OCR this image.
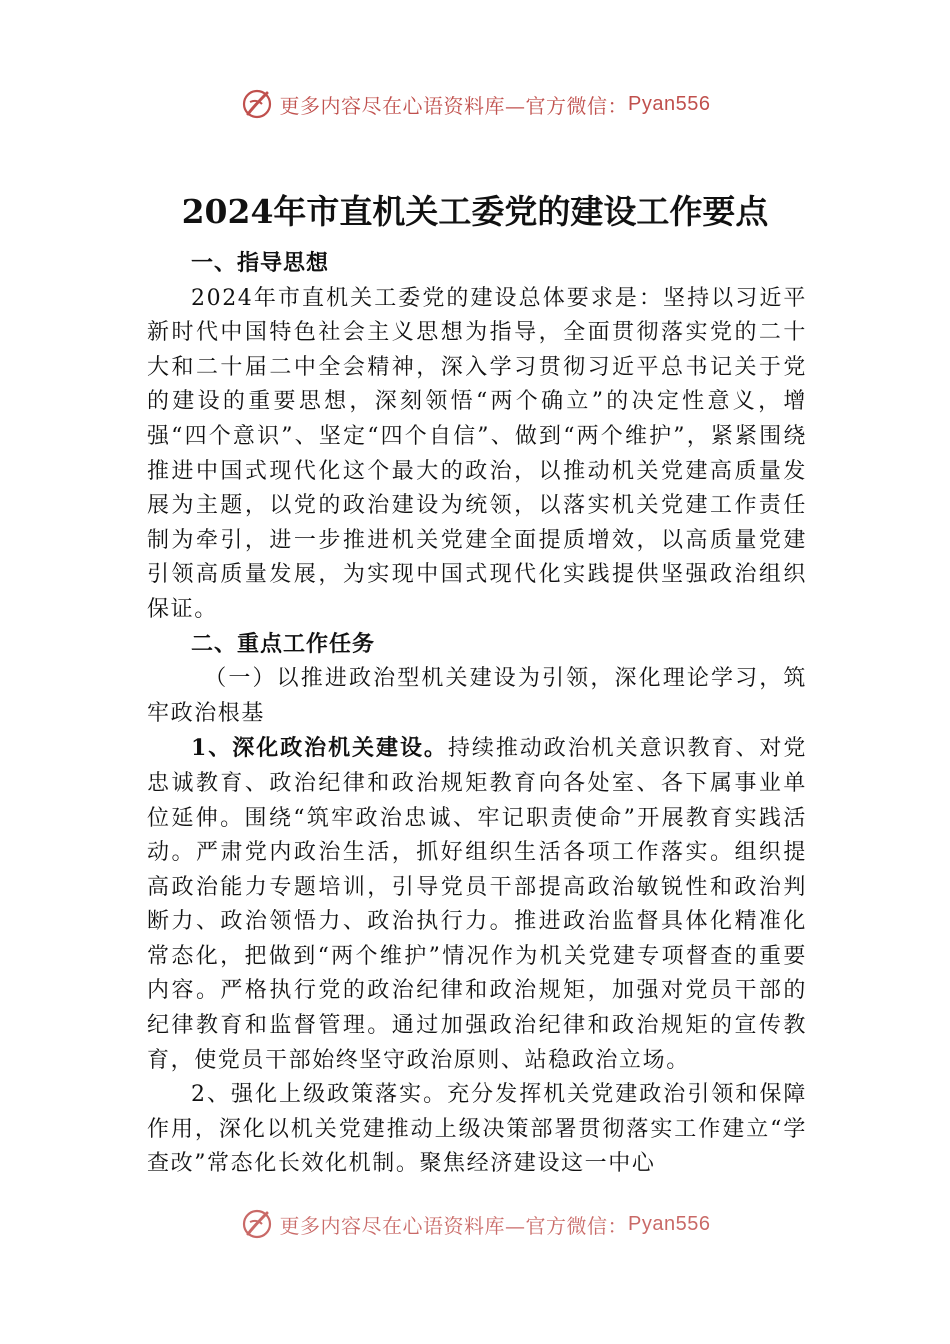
更多内容尽在心语资料库—官方微信： Pyan556
2024年市直机关工委党的建设工作要点

一、指导思想

2024年市直机关工委党的建设总体要求是：坚持以习近平新时代中国特色社会主义思想为指导，全面贯彻落实党的二十大和二十届二中全会精神，深入学习贯彻习近平总书记关于党的建设的重要思想，深刻领悟“两个确立”的决定性意义，增强“四个意识”、坚定“四个自信”、做到“两个维护”，紧紧围绕推进中国式现代化这个最大的政治，以推动机关党建高质量发展为主题，以党的政治建设为统领，以落实机关党建工作责任制为牵引，进一步推进机关党建全面提质增效，以高质量党建引领高质量发展，为实现中国式现代化实践提供坚强政治组织保证。

二、重点工作任务

（一）以推进政治型机关建设为引领，深化理论学习，筑牢政治根基

1、深化政治机关建设。持续推动政治机关意识教育、对党忠诚教育、政治纪律和政治规矩教育向各处室、各下属事业单位延伸。围绕“筑牢政治忠诚、牢记职责使命”开展教育实践活动。严肃党内政治生活，抓好组织生活各项工作落实。组织提高政治能力专题培训，引导党员干部提高政治敏锐性和政治判断力、政治领悟力、政治执行力。推进政治监督具体化精准化常态化，把做到“两个维护”情况作为机关党建专项督查的重要内容。严格执行党的政治纪律和政治规矩，加强对党员干部的纪律教育和监督管理。通过加强政治纪律和政治规矩的宣传教育，使党员干部始终坚守政治原则、站稳政治立场。

2、强化上级政策落实。充分发挥机关党建政治引领和保障作用，深化以机关党建推动上级决策部署贯彻落实工作建立“学查改”常态化长效化机制。聚焦经济建设这一中心

更多内容尽在心语资料库—官方微信： Pyan556
